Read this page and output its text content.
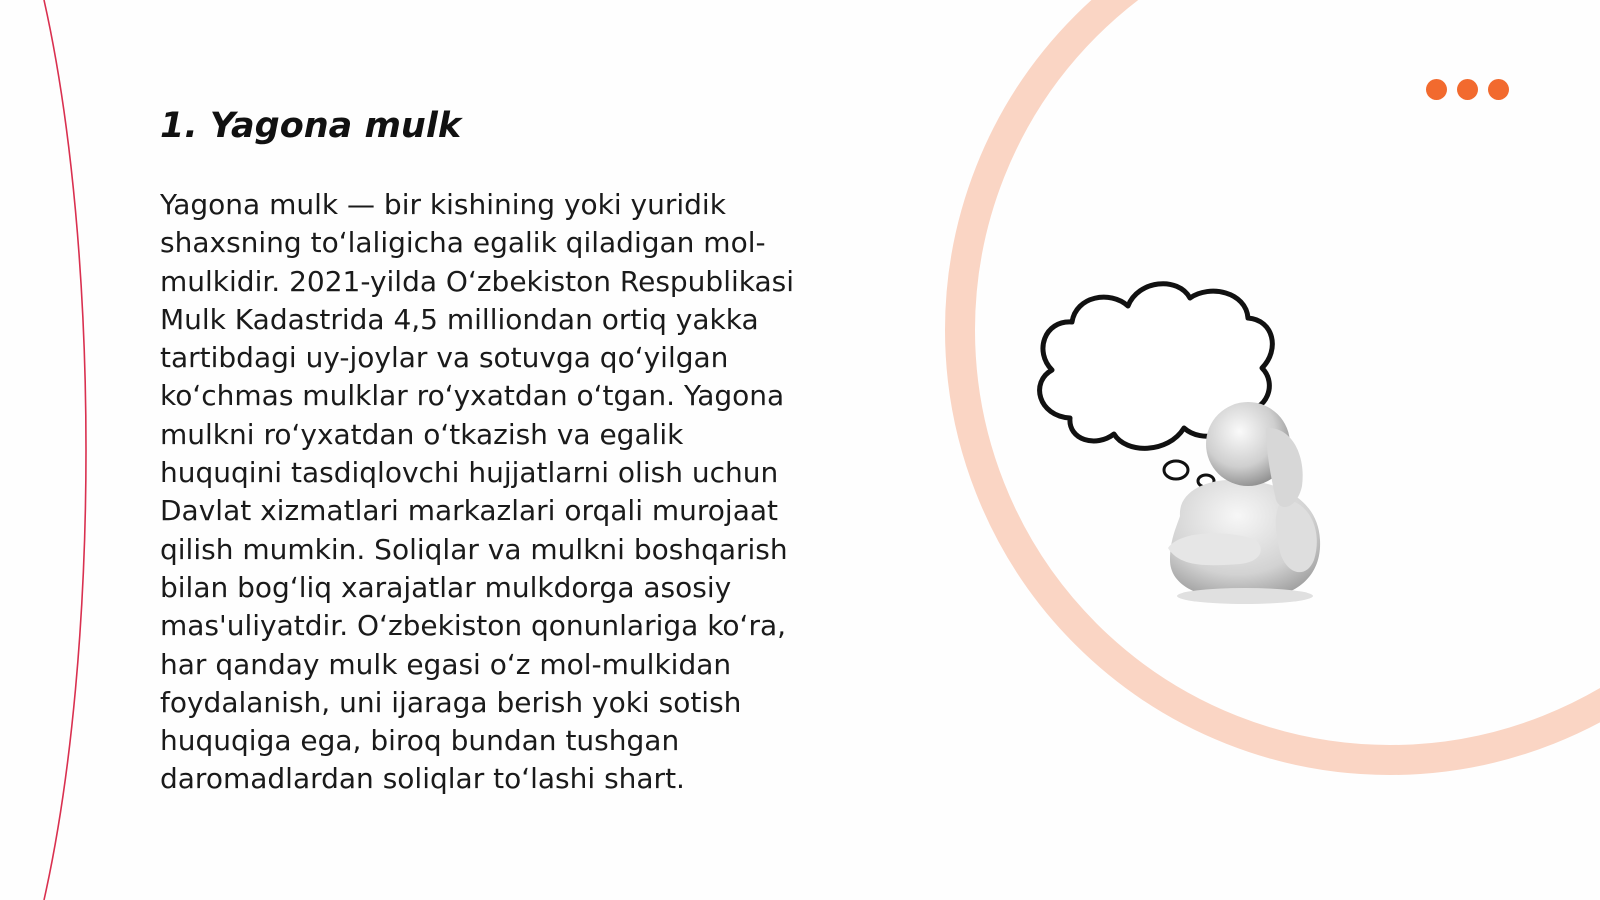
1. Yagona mulk

Yagona mulk — bir kishining yoki yuridik
shaxsning toʻlaligicha egalik qiladigan mol-
mulkidir. 2021-yilda Oʻzbekiston Respublikasi
Mulk Kadastrida 4,5 milliondan ortiq yakka
tartibdagi uy-joylar va sotuvga qoʻyilgan
koʻchmas mulklar roʻyxatdan oʻtgan. Yagona
mulkni roʻyxatdan oʻtkazish va egalik
huquqini tasdiqlovchi hujjatlarni olish uchun
Davlat xizmatlari markazlari orqali murojaat
qilish mumkin. Soliqlar va mulkni boshqarish
bilan bogʻliq xarajatlar mulkdorga asosiy
mas'uliyatdir. Oʻzbekiston qonunlariga koʻra,
har qanday mulk egasi oʻz mol-mulkidan
foydalanish, uni ijaraga berish yoki sotish
huquqiga ega, biroq bundan tushgan
daromadlardan soliqlar toʻlashi shart.
